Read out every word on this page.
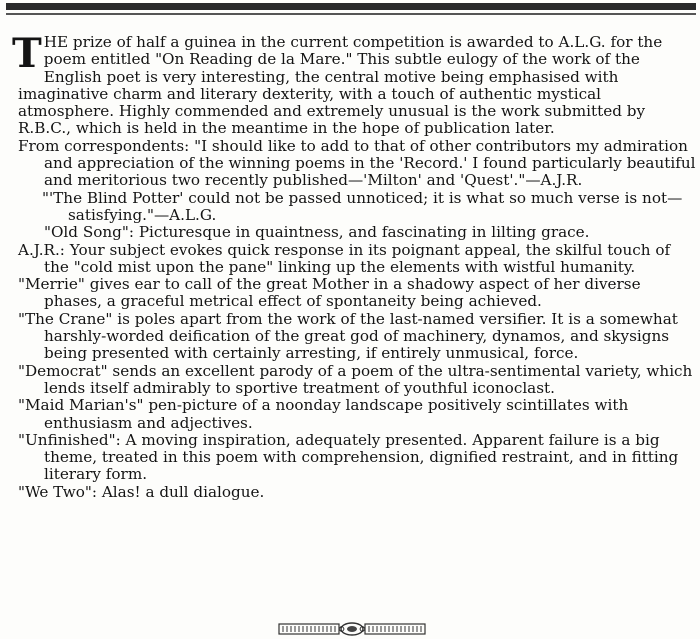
THE prize of half a guinea in the current competition is awarded to A.L.G. for the poem entitled "On Reading de la Mare." This subtle eulogy of the work of the English poet is very interesting, the central motive being emphasised with imaginative charm and literary dexterity, with a touch of authentic mystical atmosphere. Highly commended and extremely unusual is the work submitted by R.B.C., which is held in the meantime in the hope of publication later.

From correspondents: "I should like to add to that of other contributors my admiration and appreciation of the winning poems in the 'Record.' I found particularly beautiful and meritorious two recently published—'Milton' and 'Quest'."—A.J.R.

"'The Blind Potter' could not be passed unnoticed; it is what so much verse is not—satisfying."—A.L.G.

"Old Song": Picturesque in quaintness, and fascinating in lilting grace.

A.J.R.: Your subject evokes quick response in its poignant appeal, the skilful touch of the "cold mist upon the pane" linking up the elements with wistful humanity.

"Merrie" gives ear to call of the great Mother in a shadowy aspect of her diverse phases, a graceful metrical effect of spontaneity being achieved.

"The Crane" is poles apart from the work of the last-named versifier. It is a somewhat harshly-worded deification of the great god of machinery, dynamos, and skysigns being presented with certainly arresting, if entirely unmusical, force.

"Democrat" sends an excellent parody of a poem of the ultra-sentimental variety, which lends itself admirably to sportive treatment of youthful iconoclast.

"Maid Marian's" pen-picture of a noonday landscape positively scintillates with enthusiasm and adjectives.

"Unfinished": A moving inspiration, adequately presented. Apparent failure is a big theme, treated in this poem with comprehension, dignified restraint, and in fitting literary form.

"We Two": Alas! a dull dialogue.
